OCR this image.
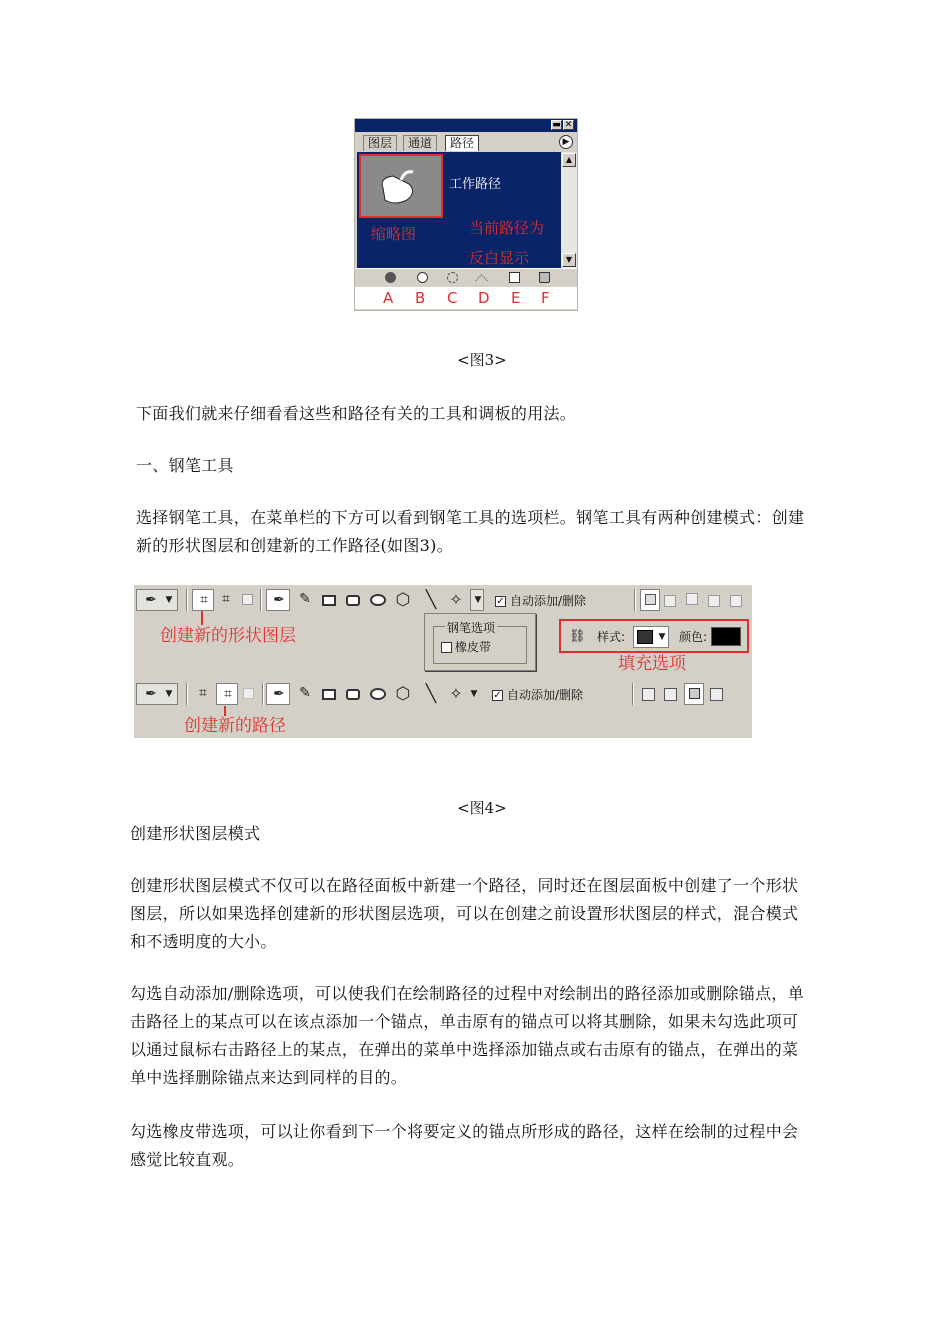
▬ ✕
图层	通道	路径	▶
工作路径
缩略图	当前路径为
反白显示
▲
▼
A B C D E F
<图3>
下面我们就来仔细看看这些和路径有关的工具和调板的用法。
一、钢笔工具
选择钢笔工具，在菜单栏的下方可以看到钢笔工具的选项栏。钢笔工具有两种创建模式：创建
新的形状图层和创建新的工作路径(如图3)。
✒ ▼ ⌗ ⌗	✒ ✎	⬡ ╲ ✧	▼ ✓ 自动添加/删除
创建新的形状图层	钢笔选项
橡皮带
⛓ 样式:	▼ 颜色:
填充选项
✒ ▼ ⌗ ⌗	✒ ✎	⬡ ╲ ✧ ▼ ✓ 自动添加/删除
创建新的路径
<图4>
创建形状图层模式
创建形状图层模式不仅可以在路径面板中新建一个路径，同时还在图层面板中创建了一个形状
图层，所以如果选择创建新的形状图层选项，可以在创建之前设置形状图层的样式，混合模式
和不透明度的大小。
勾选自动添加/删除选项，可以使我们在绘制路径的过程中对绘制出的路径添加或删除锚点，单
击路径上的某点可以在该点添加一个锚点，单击原有的锚点可以将其删除，如果未勾选此项可
以通过鼠标右击路径上的某点，在弹出的菜单中选择添加锚点或右击原有的锚点，在弹出的菜
单中选择删除锚点来达到同样的目的。
勾选橡皮带选项，可以让你看到下一个将要定义的锚点所形成的路径，这样在绘制的过程中会
感觉比较直观。
